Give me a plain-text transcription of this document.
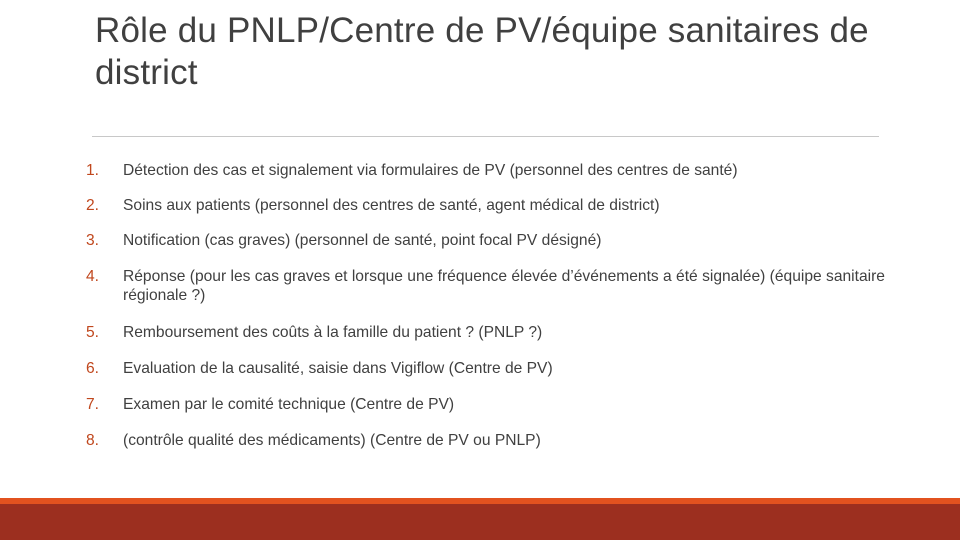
Rôle du PNLP/Centre de PV/équipe sanitaires de district
1.	Détection des cas et signalement via formulaires de PV (personnel des centres de santé)
2.	Soins aux patients (personnel des centres de santé, agent médical de district)
3.	Notification (cas graves) (personnel de santé, point focal PV désigné)
4.	Réponse (pour les cas graves et lorsque une fréquence élevée d’événements a été signalée) (équipe sanitaire régionale ?)
5.	Remboursement des coûts à la famille du patient ? (PNLP ?)
6.	Evaluation de la causalité, saisie dans Vigiflow (Centre de PV)
7.	Examen par le comité technique (Centre de PV)
8.	(contrôle qualité des médicaments) (Centre de PV ou PNLP)
